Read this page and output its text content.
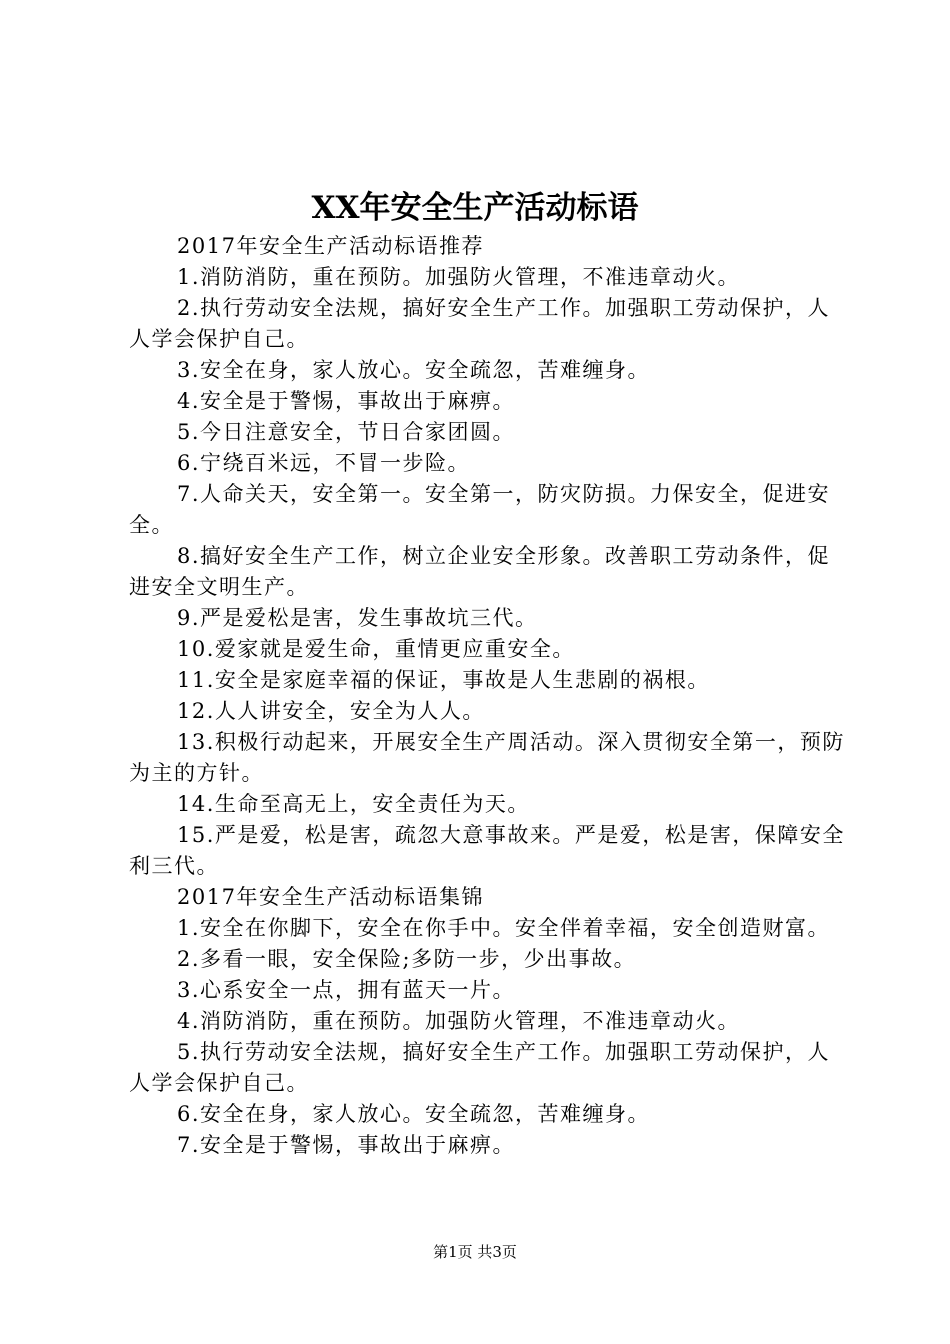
XX年安全生产活动标语

2017年安全生产活动标语推荐

1.消防消防，重在预防。加强防火管理，不准违章动火。

2.执行劳动安全法规，搞好安全生产工作。加强职工劳动保护，人人学会保护自己。

3.安全在身，家人放心。安全疏忽，苦难缠身。

4.安全是于警惕，事故出于麻痹。

5.今日注意安全，节日合家团圆。

6.宁绕百米远，不冒一步险。

7.人命关天，安全第一。安全第一，防灾防损。力保安全，促进安全。

8.搞好安全生产工作，树立企业安全形象。改善职工劳动条件，促进安全文明生产。

9.严是爱松是害，发生事故坑三代。

10.爱家就是爱生命，重情更应重安全。

11.安全是家庭幸福的保证，事故是人生悲剧的祸根。

12.人人讲安全，安全为人人。

13.积极行动起来，开展安全生产周活动。深入贯彻安全第一，预防为主的方针。

14.生命至高无上，安全责任为天。

15.严是爱，松是害，疏忽大意事故来。严是爱，松是害，保障安全利三代。

2017年安全生产活动标语集锦

1.安全在你脚下，安全在你手中。安全伴着幸福，安全创造财富。

2.多看一眼，安全保险;多防一步，少出事故。

3.心系安全一点，拥有蓝天一片。

4.消防消防，重在预防。加强防火管理，不准违章动火。

5.执行劳动安全法规，搞好安全生产工作。加强职工劳动保护，人人学会保护自己。

6.安全在身，家人放心。安全疏忽，苦难缠身。

7.安全是于警惕，事故出于麻痹。

第1页 共3页
